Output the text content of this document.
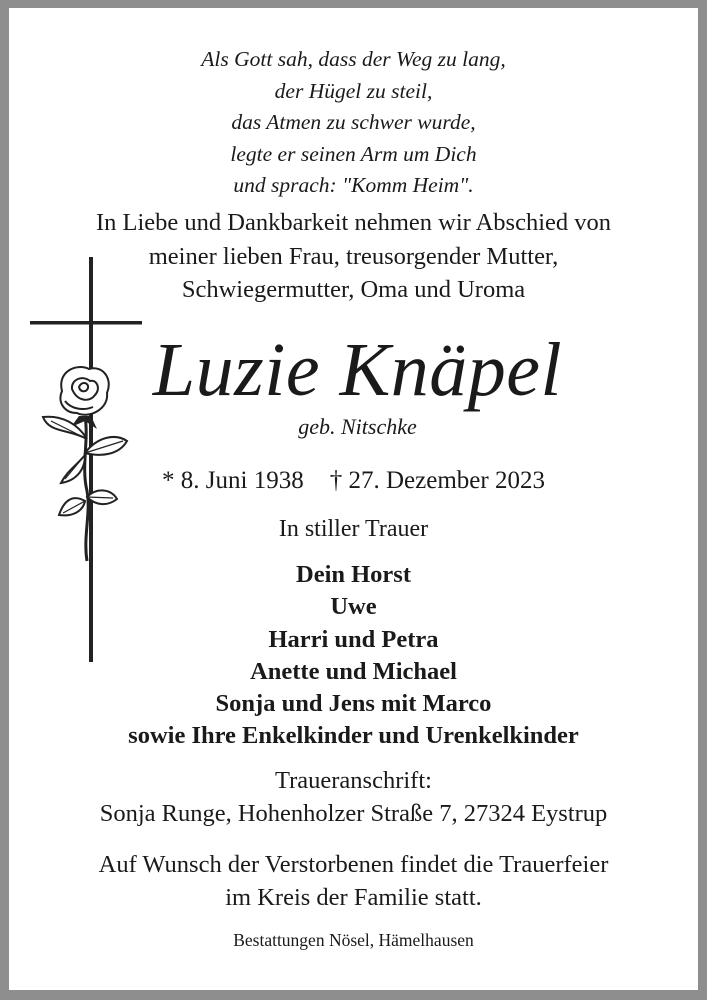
Als Gott sah, dass der Weg zu lang,
der Hügel zu steil,
das Atmen zu schwer wurde,
legte er seinen Arm um Dich
und sprach: "Komm Heim".
In Liebe und Dankbarkeit nehmen wir Abschied von
meiner lieben Frau, treusorgender Mutter,
Schwiegermutter, Oma und Uroma
Luzie Knäpel
geb. Nitschke
* 8. Juni 1938 † 27. Dezember 2023
In stiller Trauer
Dein Horst
Uwe
Harri und Petra
Anette und Michael
Sonja und Jens mit Marco
sowie Ihre Enkelkinder und Urenkelkinder
Traueranschrift:
Sonja Runge, Hohenholzer Straße 7, 27324 Eystrup
Auf Wunsch der Verstorbenen findet die Trauerfeier
im Kreis der Familie statt.
Bestattungen Nösel, Hämelhausen
